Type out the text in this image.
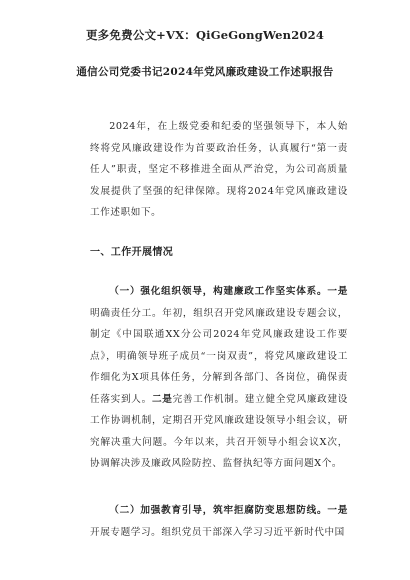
更多免费公文+VX：QiGeGongWen2024
通信公司党委书记2024年党风廉政建设工作述职报告

2024年，在上级党委和纪委的坚强领导下，本人始终将党风廉政建设作为首要政治任务，认真履行“第一责任人”职责，坚定不移推进全面从严治党，为公司高质量发展提供了坚强的纪律保障。现将2024年党风廉政建设工作述职如下。

一、工作开展情况

（一）强化组织领导，构建廉政工作坚实体系。一是明确责任分工。年初，组织召开党风廉政建设专题会议，制定《中国联通XX分公司2024年党风廉政建设工作要点》，明确领导班子成员“一岗双责”，将党风廉政建设工作细化为X项具体任务，分解到各部门、各岗位，确保责任落实到人。二是完善工作机制。建立健全党风廉政建设工作协调机制，定期召开党风廉政建设领导小组会议，研究解决重大问题。今年以来，共召开领导小组会议X次，协调解决涉及廉政风险防控、监督执纪等方面问题X个。

（二）加强教育引导，筑牢拒腐防变思想防线。一是开展专题学习。组织党员干部深入学习习近平新时代中国
